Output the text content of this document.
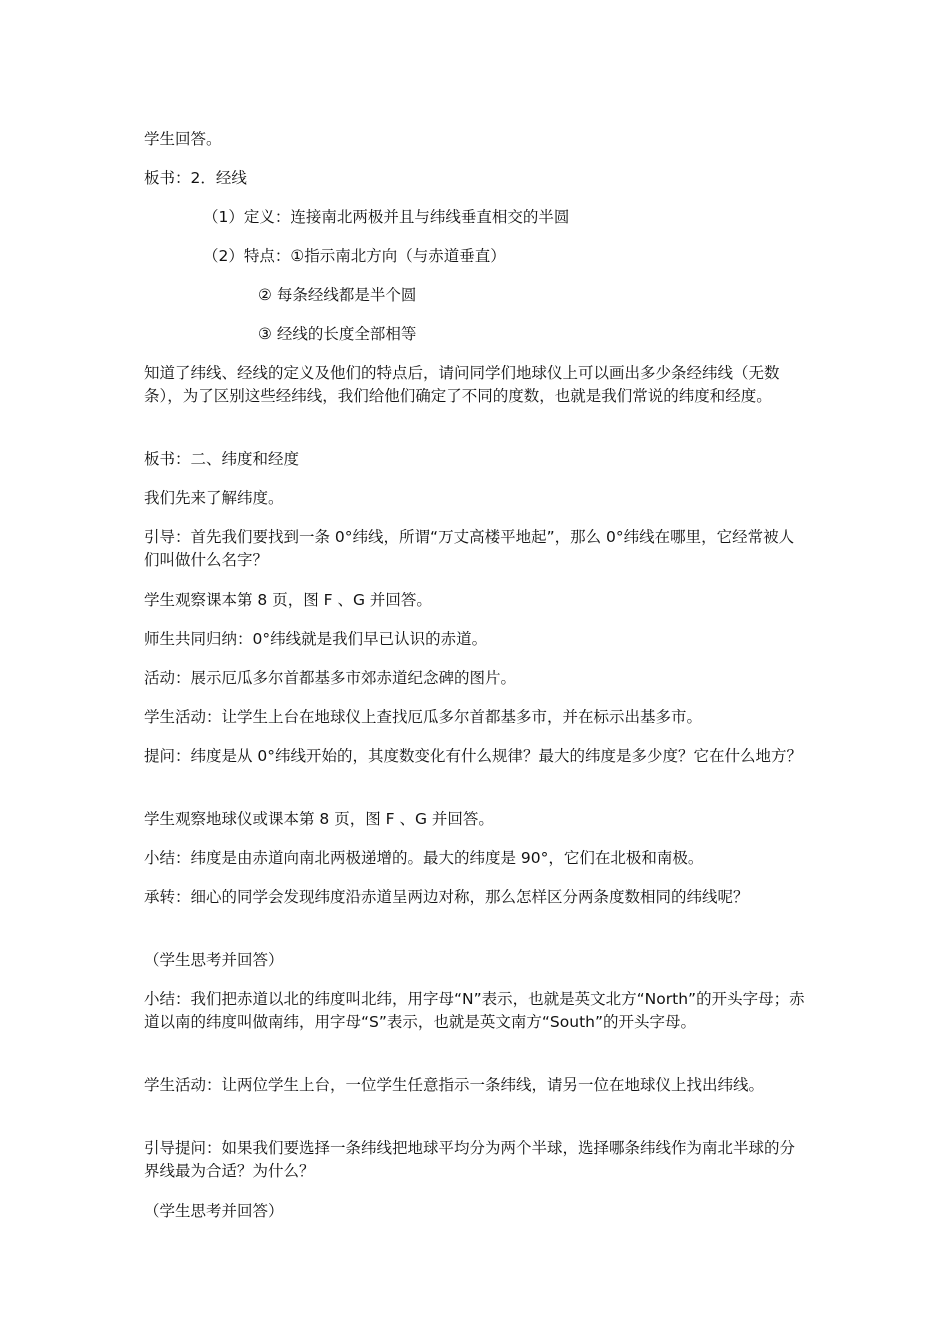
学生回答。

板书：2．经线

（1）定义：连接南北两极并且与纬线垂直相交的半圆

（2）特点：①指示南北方向（与赤道垂直）

② 每条经线都是半个圆

③ 经线的长度全部相等

知道了纬线、经线的定义及他们的特点后，请问同学们地球仪上可以画出多少条经纬线（无数条），为了区别这些经纬线，我们给他们确定了不同的度数，也就是我们常说的纬度和经度。

板书：二、纬度和经度

我们先来了解纬度。

引导：首先我们要找到一条 0°纬线，所谓“万丈高楼平地起”，那么 0°纬线在哪里，它经常被人们叫做什么名字？

学生观察课本第 8 页，图 F 、G 并回答。

师生共同归纳：0°纬线就是我们早已认识的赤道。

活动：展示厄瓜多尔首都基多市郊赤道纪念碑的图片。

学生活动：让学生上台在地球仪上查找厄瓜多尔首都基多市，并在标示出基多市。

提问：纬度是从 0°纬线开始的，其度数变化有什么规律？最大的纬度是多少度？它在什么地方？

学生观察地球仪或课本第 8 页，图 F 、G 并回答。

小结：纬度是由赤道向南北两极递增的。最大的纬度是 90°，它们在北极和南极。

承转：细心的同学会发现纬度沿赤道呈两边对称，那么怎样区分两条度数相同的纬线呢？

（学生思考并回答）

小结：我们把赤道以北的纬度叫北纬，用字母“N”表示，也就是英文北方“North”的开头字母；赤道以南的纬度叫做南纬，用字母“S”表示，也就是英文南方“South”的开头字母。

学生活动：让两位学生上台，一位学生任意指示一条纬线，请另一位在地球仪上找出纬线。

引导提问：如果我们要选择一条纬线把地球平均分为两个半球，选择哪条纬线作为南北半球的分界线最为合适？为什么？

（学生思考并回答）
